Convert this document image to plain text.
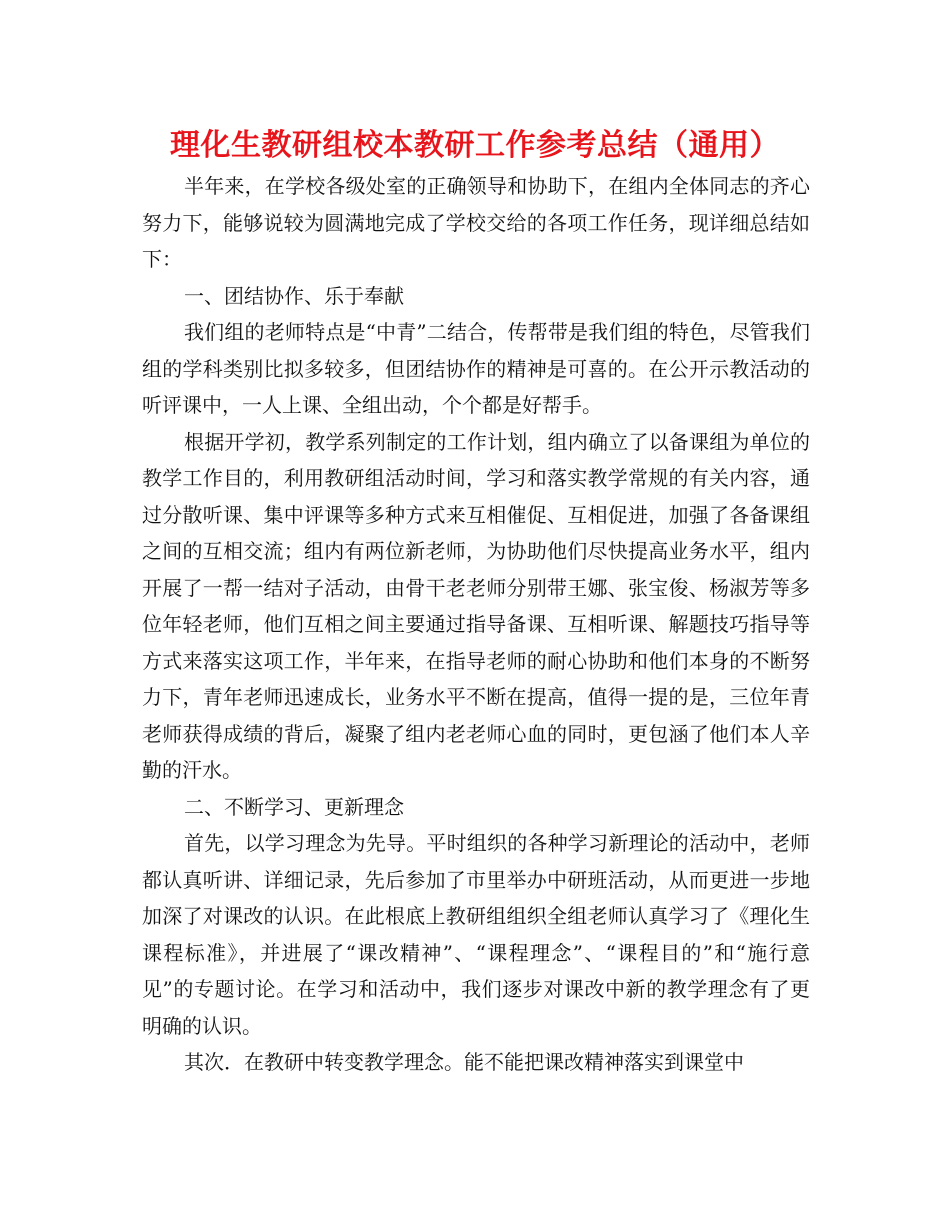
理化生教研组校本教研工作参考总结（通用）

半年来，在学校各级处室的正确领导和协助下，在组内全体同志的齐心努力下，能够说较为圆满地完成了学校交给的各项工作任务，现详细总结如下：

一、团结协作、乐于奉献

我们组的老师特点是“中青”二结合，传帮带是我们组的特色，尽管我们组的学科类别比拟多较多，但团结协作的精神是可喜的。在公开示教活动的听评课中，一人上课、全组出动，个个都是好帮手。

根据开学初，教学系列制定的工作计划，组内确立了以备课组为单位的教学工作目的，利用教研组活动时间，学习和落实教学常规的有关内容，通过分散听课、集中评课等多种方式来互相催促、互相促进，加强了各备课组之间的互相交流；组内有两位新老师，为协助他们尽快提高业务水平，组内开展了一帮一结对子活动，由骨干老老师分别带王娜、张宝俊、杨淑芳等多位年轻老师，他们互相之间主要通过指导备课、互相听课、解题技巧指导等方式来落实这项工作，半年来，在指导老师的耐心协助和他们本身的不断努力下，青年老师迅速成长，业务水平不断在提高，值得一提的是，三位年青老师获得成绩的背后，凝聚了组内老老师心血的同时，更包涵了他们本人辛勤的汗水。

二、不断学习、更新理念

首先，以学习理念为先导。平时组织的各种学习新理论的活动中，老师都认真听讲、详细记录，先后参加了市里举办中研班活动，从而更进一步地加深了对课改的认识。在此根底上教研组组织全组老师认真学习了《理化生课程标准》，并进展了“课改精神”、“课程理念”、“课程目的”和“施行意见”的专题讨论。在学习和活动中，我们逐步对课改中新的教学理念有了更明确的认识。

其次．在教研中转变教学理念。能不能把课改精神落实到课堂中
